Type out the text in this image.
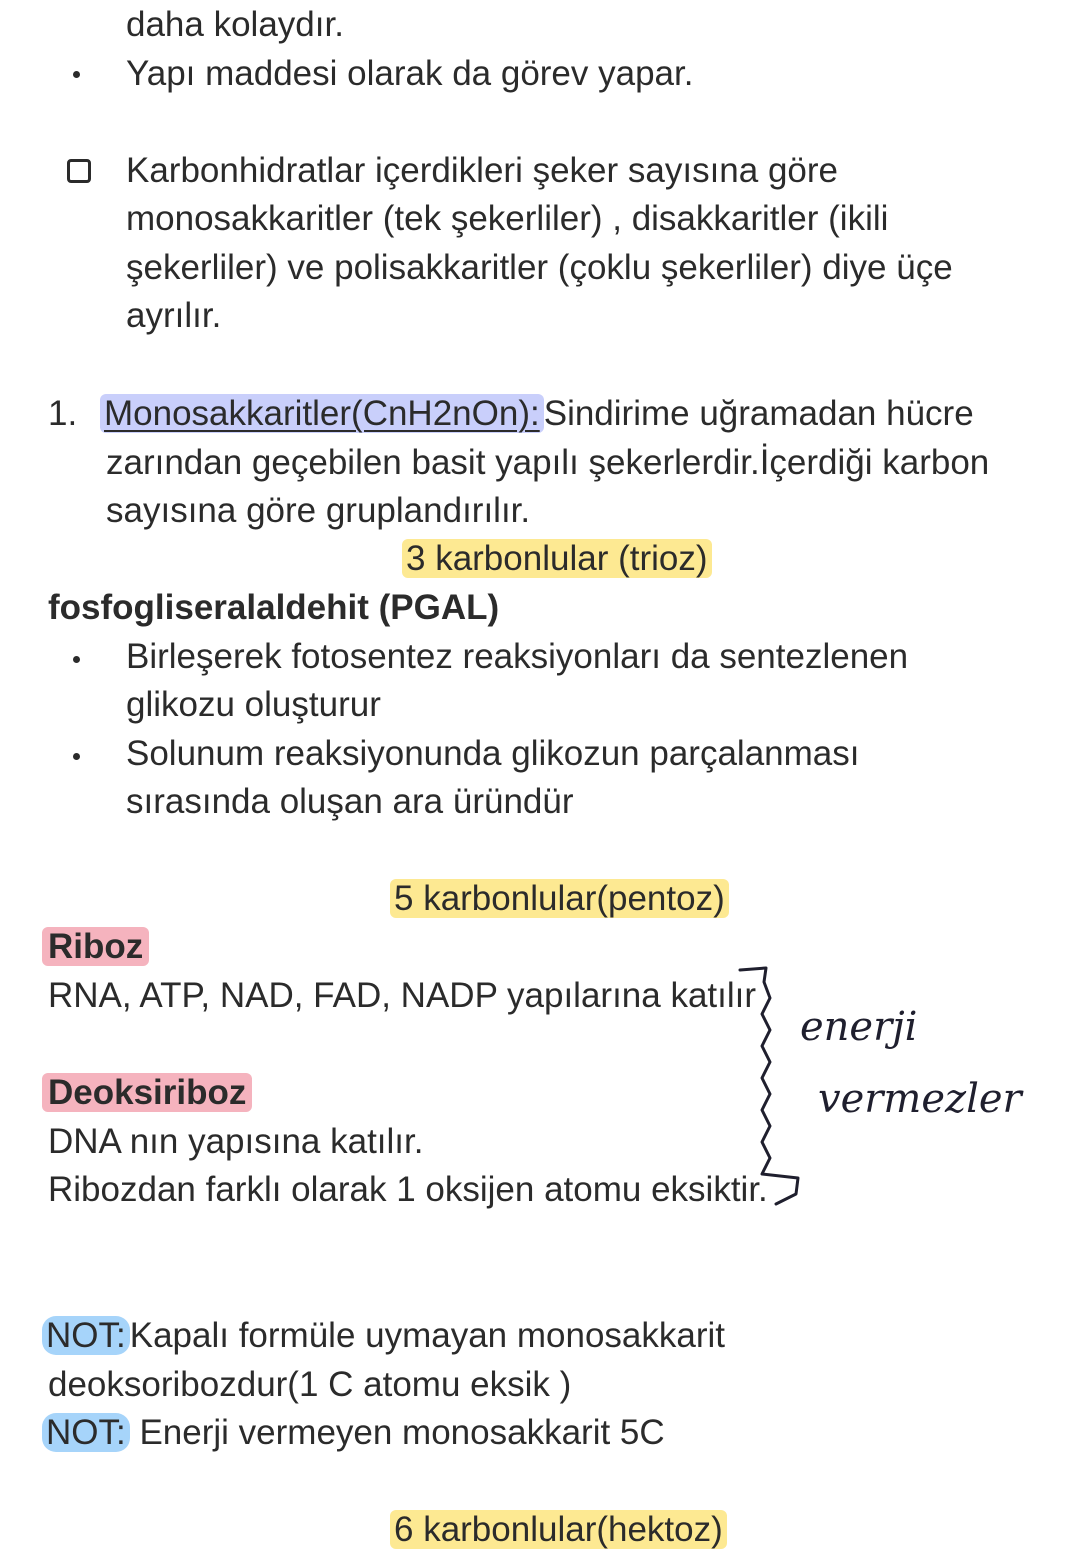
daha kolaydır.
Yapı maddesi olarak da görev yapar.
Karbonhidratlar içerdikleri şeker sayısına göre
monosakkaritler (tek şekerliler) , disakkaritler (ikili
şekerliler) ve polisakkaritler (çoklu şekerliler) diye üçe
ayrılır.
1. Monosakkaritler(CnH2nOn): Sindirime uğramadan hücre
zarından geçebilen basit yapılı şekerlerdir.İçerdiği karbon
sayısına göre gruplandırılır.
3 karbonlular (trioz)
fosfogliseralaldehit (PGAL)
Birleşerek fotosentez reaksiyonları da sentezlenen
glikozu oluşturur
Solunum reaksiyonunda glikozun parçalanması
sırasında oluşan ara üründür
5 karbonlular(pentoz)
Riboz
RNA, ATP, NAD, FAD, NADP yapılarına katılır
Deoksiriboz
DNA nın yapısına katılır.
Ribozdan farklı olarak 1 oksijen atomu eksiktir.
enerji
vermezler
NOT: Kapalı formüle uymayan monosakkarit
deoksoribozdur(1 C atomu eksik )
NOT: Enerji vermeyen monosakkarit 5C
6 karbonlular(hektoz)
